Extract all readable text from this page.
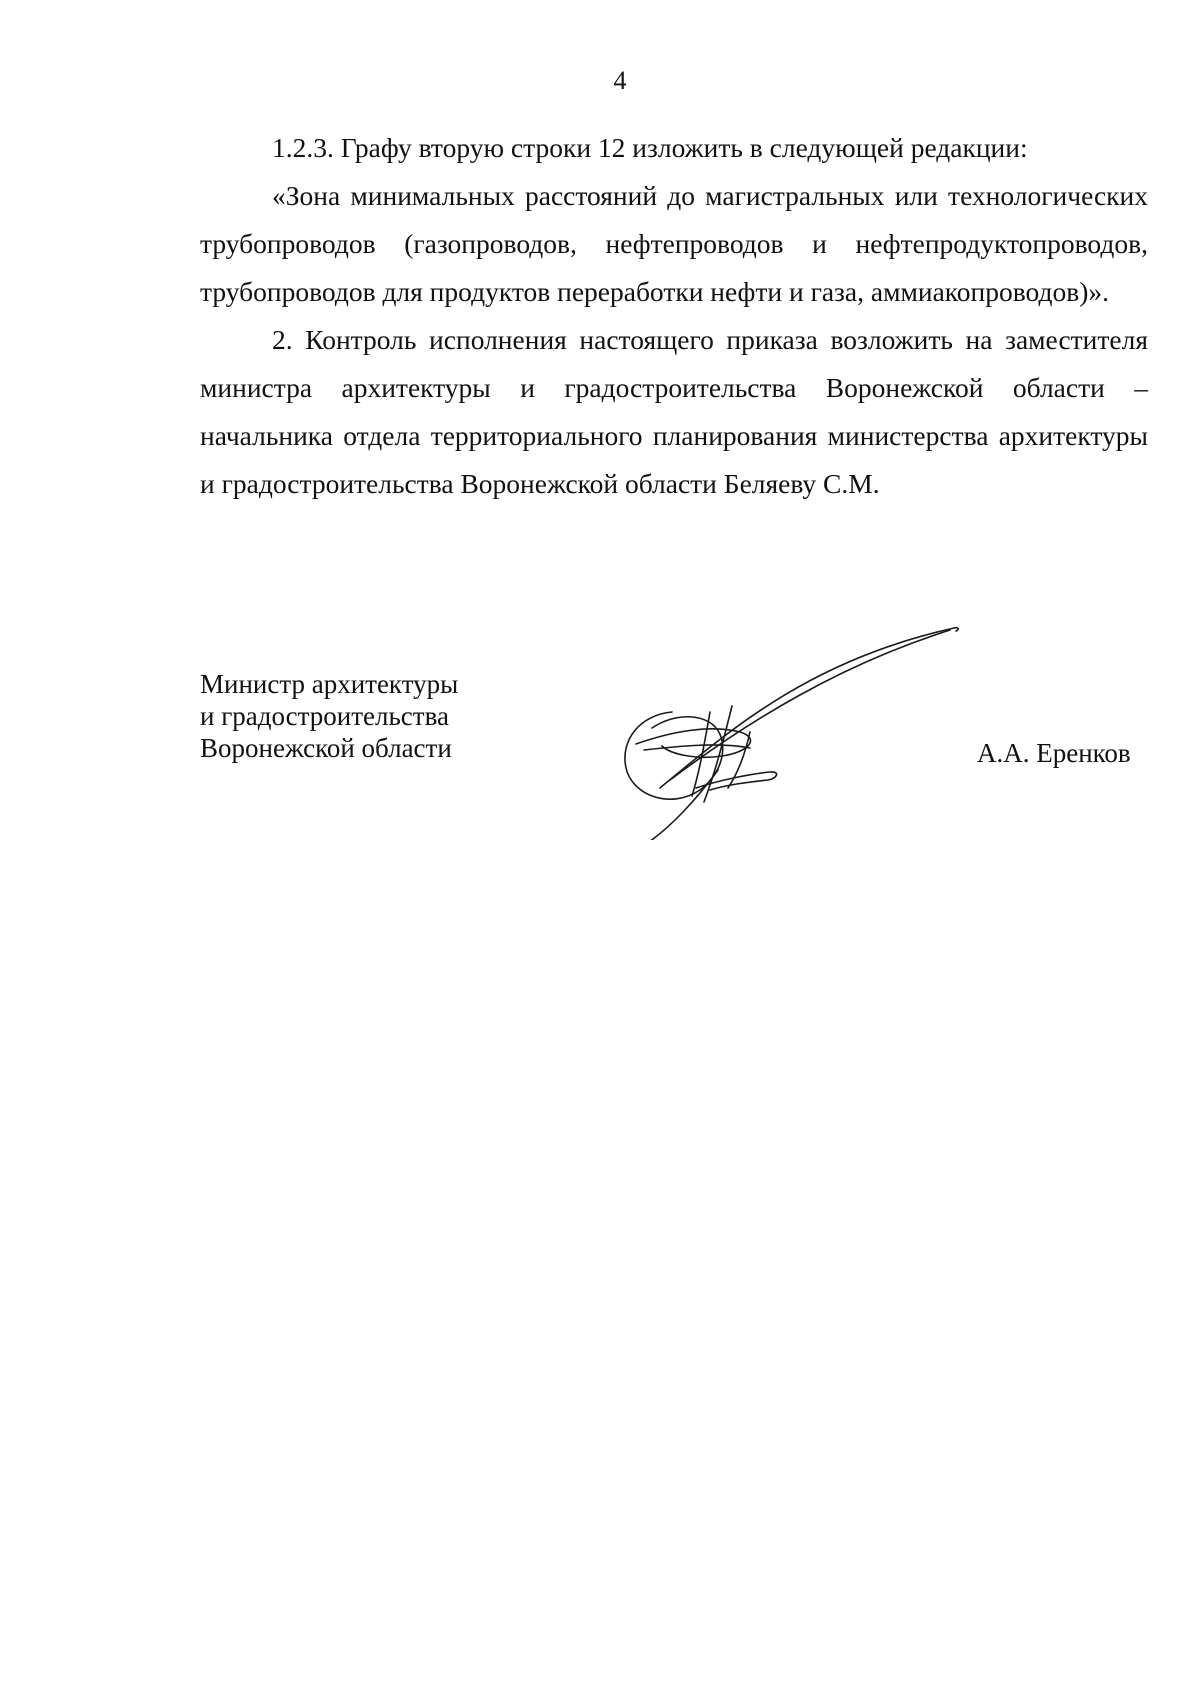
4

1.2.3. Графу вторую строки 12 изложить в следующей редакции:

«Зона минимальных расстояний до магистральных или технологических трубопроводов (газопроводов, нефтепроводов и нефтепродуктопроводов, трубопроводов для продуктов переработки нефти и газа, аммиакопроводов)».

2. Контроль исполнения настоящего приказа возложить на заместителя министра архитектуры и градостроительства Воронежской области – начальника отдела территориального планирования министерства архитектуры и градостроительства Воронежской области Беляеву С.М.

Министр архитектуры
и градостроительства
Воронежской области	А.А. Еренков
